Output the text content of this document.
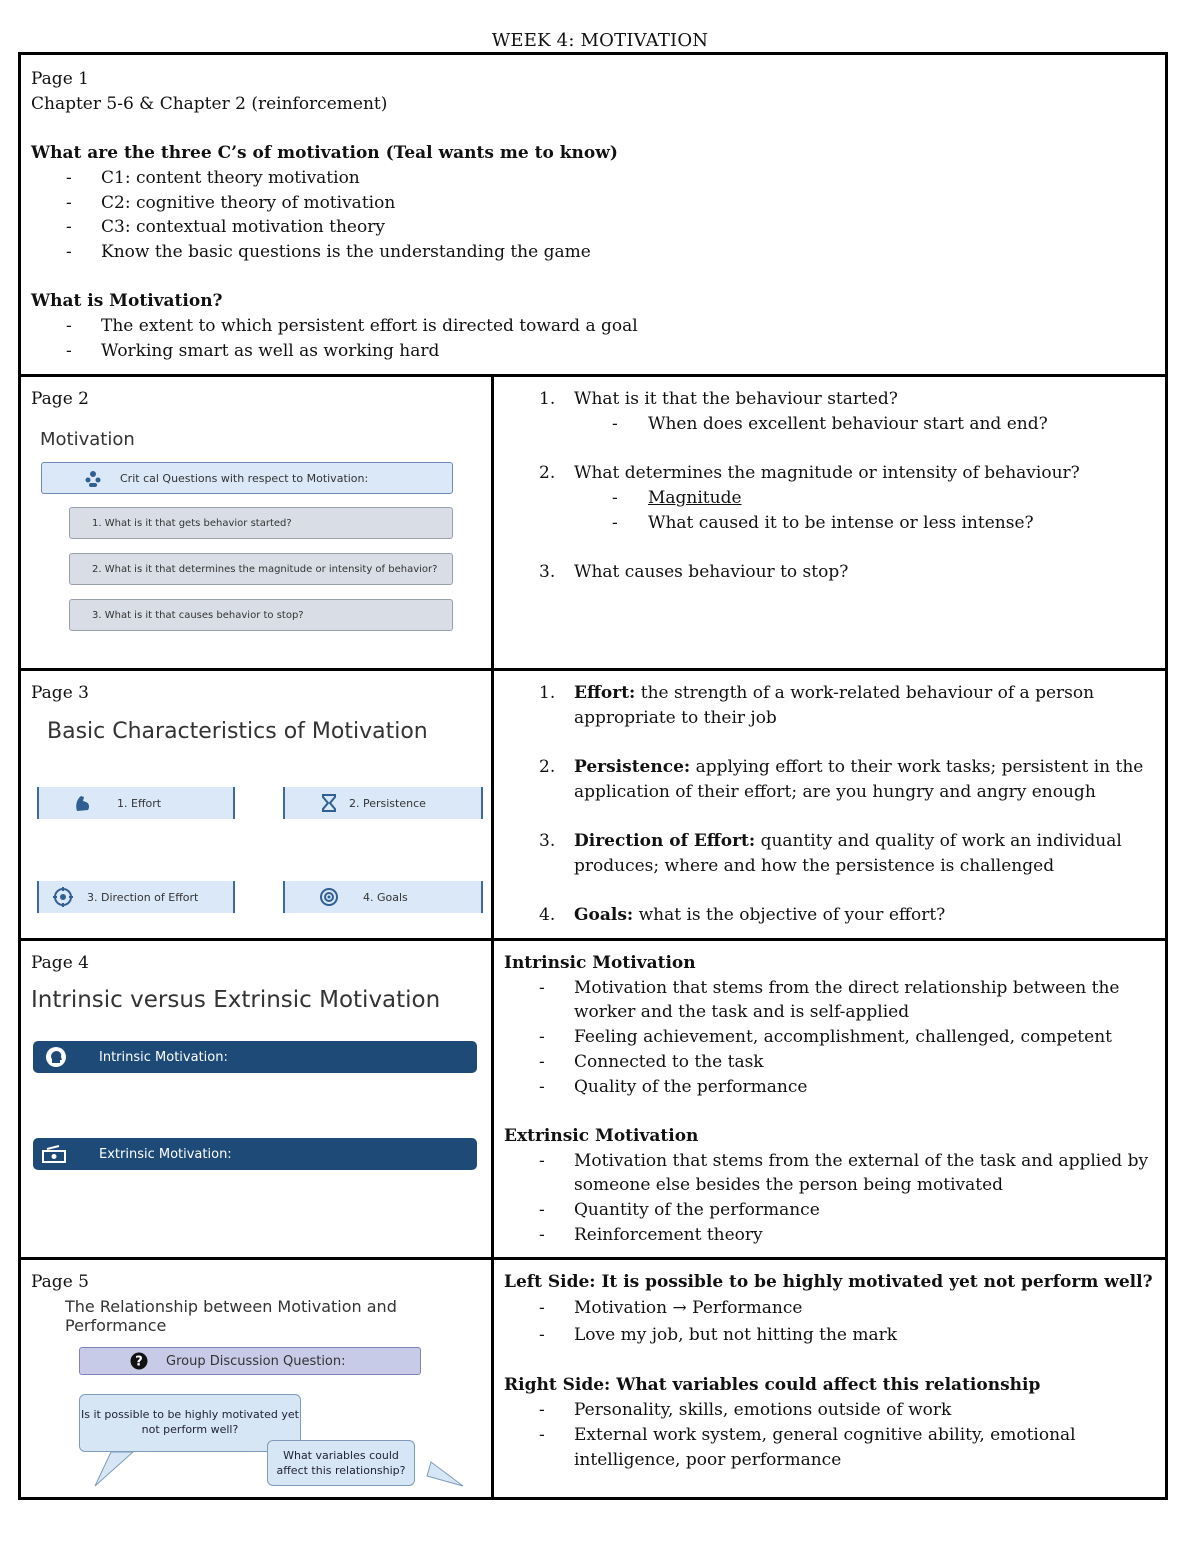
WEEK 4: MOTIVATION
Page 1
Chapter 5-6 & Chapter 2 (reinforcement)
What are the three C’s of motivation (Teal wants me to know)
- C1: content theory motivation
- C2: cognitive theory of motivation
- C3: contextual motivation theory
- Know the basic questions is the understanding the game
What is Motivation?
- The extent to which persistent effort is directed toward a goal
- Working smart as well as working hard
Page 2
Motivation
Crit cal Questions with respect to Motivation:
1. What is it that gets behavior started?
2. What is it that determines the magnitude or intensity of behavior?
3. What is it that causes behavior to stop?
1. What is it that the behaviour started?
- When does excellent behaviour start and end?
2. What determines the magnitude or intensity of behaviour?
- Magnitude
- What caused it to be intense or less intense?
3. What causes behaviour to stop?
Page 3
Basic Characteristics of Motivation
1. Effort	2. Persistence
3. Direction of Effort	4. Goals
1. Effort: the strength of a work-related behaviour of a person
appropriate to their job
2. Persistence: applying effort to their work tasks; persistent in the
application of their effort; are you hungry and angry enough
3. Direction of Effort: quantity and quality of work an individual
produces; where and how the persistence is challenged
4. Goals: what is the objective of your effort?
Page 4
Intrinsic versus Extrinsic Motivation
Intrinsic Motivation:
Extrinsic Motivation:
Intrinsic Motivation
- Motivation that stems from the direct relationship between the
worker and the task and is self-applied
- Feeling achievement, accomplishment, challenged, competent
- Connected to the task
- Quality of the performance
Extrinsic Motivation
- Motivation that stems from the external of the task and applied by
someone else besides the person being motivated
- Quantity of the performance
- Reinforcement theory
Page 5
The Relationship between Motivation and
Performance
? Group Discussion Question:
Is it possible to be highly motivated yet
not perform well?
What variables could
affect this relationship?
Left Side: It is possible to be highly motivated yet not perform well?
- Motivation → Performance
- Love my job, but not hitting the mark
Right Side: What variables could affect this relationship
- Personality, skills, emotions outside of work
- External work system, general cognitive ability, emotional
intelligence, poor performance
